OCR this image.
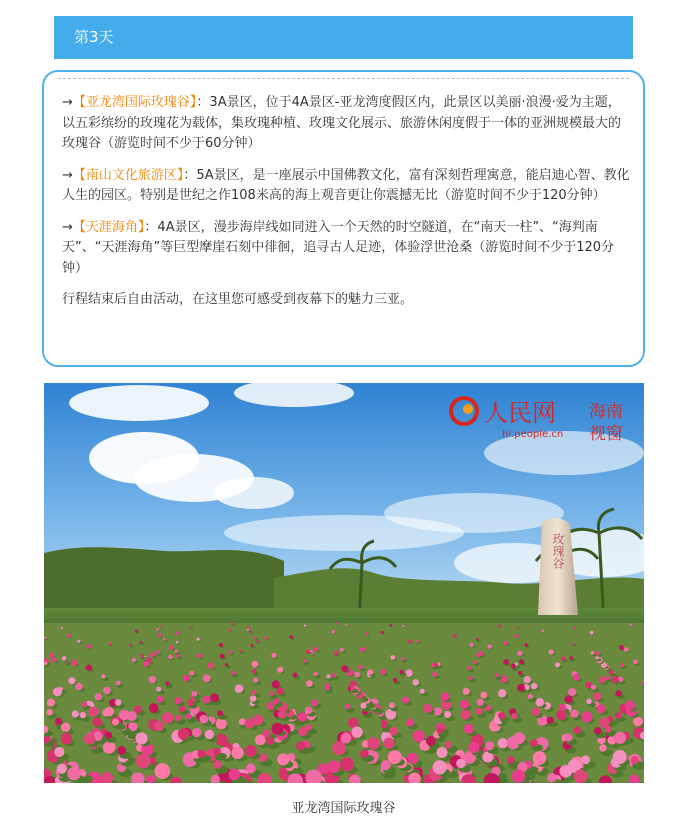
第3天

→【亚龙湾国际玫瑰谷】：3A景区，位于4A景区-亚龙湾度假区内，此景区以美丽·浪漫·爱为主题，以五彩缤纷的玫瑰花为载体，集玫瑰种植、玫瑰文化展示、旅游休闲度假于一体的亚洲规模最大的玫瑰谷（游览时间不少于60分钟）

→【南山文化旅游区】：5A景区，是一座展示中国佛教文化，富有深刻哲理寓意，能启迪心智、教化人生的园区。特别是世纪之作108米高的海上观音更让你震撼无比（游览时间不少于120分钟）

→【天涯海角】：4A景区，漫步海岸线如同进入一个天然的时空隧道，在“南天一柱”、“海判南天”、“天涯海角”等巨型摩崖石刻中徘徊，追寻古人足迹，体验浮世沧桑（游览时间不少于120分钟）

行程结束后自由活动，在这里您可感受到夜幕下的魅力三亚。

玫瑰谷
人民网
hi.people.cn
海南
视窗
亚龙湾国际玫瑰谷
